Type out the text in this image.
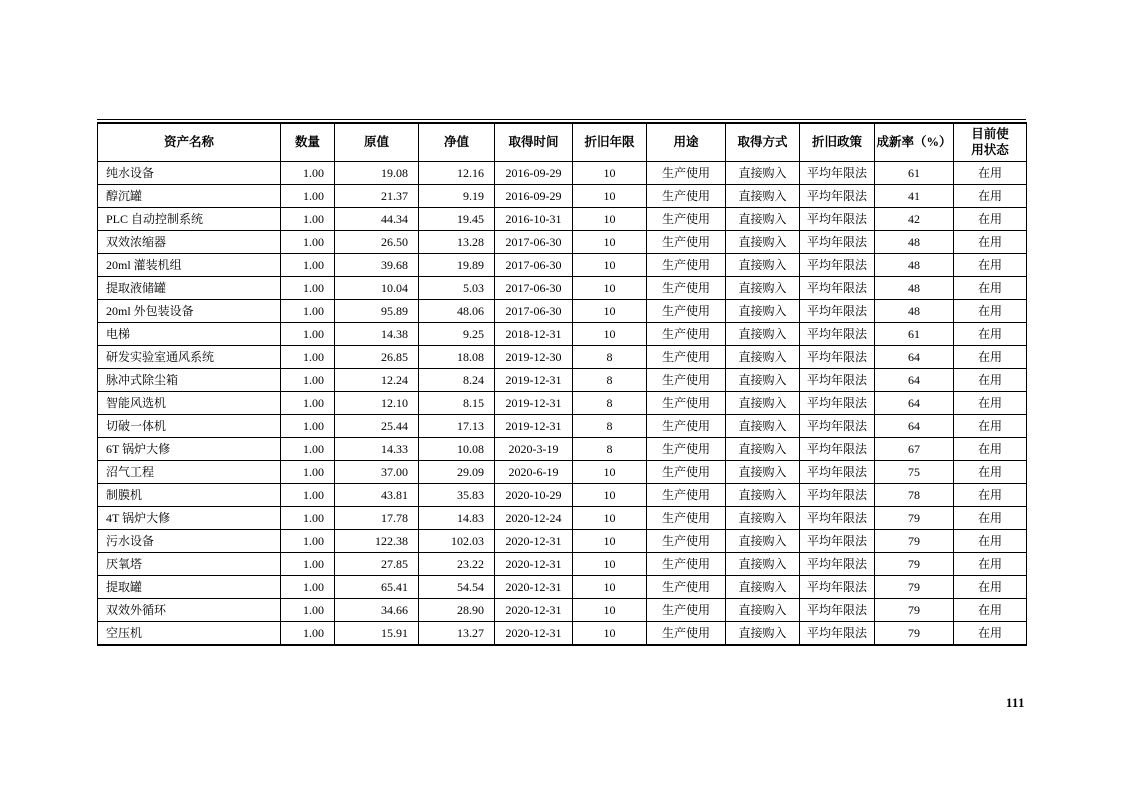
资产名称	数量	原值	净值	取得时间	折旧年限	用途	取得方式	折旧政策	成新率（%）	目前使用状态
纯水设备	1.00	19.08	12.16	2016-09-29	10	生产使用	直接购入	平均年限法	61	在用
醇沉罐	1.00	21.37	9.19	2016-09-29	10	生产使用	直接购入	平均年限法	41	在用
PLC 自动控制系统	1.00	44.34	19.45	2016-10-31	10	生产使用	直接购入	平均年限法	42	在用
双效浓缩器	1.00	26.50	13.28	2017-06-30	10	生产使用	直接购入	平均年限法	48	在用
20ml 灌装机组	1.00	39.68	19.89	2017-06-30	10	生产使用	直接购入	平均年限法	48	在用
提取液储罐	1.00	10.04	5.03	2017-06-30	10	生产使用	直接购入	平均年限法	48	在用
20ml 外包装设备	1.00	95.89	48.06	2017-06-30	10	生产使用	直接购入	平均年限法	48	在用
电梯	1.00	14.38	9.25	2018-12-31	10	生产使用	直接购入	平均年限法	61	在用
研发实验室通风系统	1.00	26.85	18.08	2019-12-30	8	生产使用	直接购入	平均年限法	64	在用
脉冲式除尘箱	1.00	12.24	8.24	2019-12-31	8	生产使用	直接购入	平均年限法	64	在用
智能风选机	1.00	12.10	8.15	2019-12-31	8	生产使用	直接购入	平均年限法	64	在用
切破一体机	1.00	25.44	17.13	2019-12-31	8	生产使用	直接购入	平均年限法	64	在用
6T 锅炉大修	1.00	14.33	10.08	2020-3-19	8	生产使用	直接购入	平均年限法	67	在用
沼气工程	1.00	37.00	29.09	2020-6-19	10	生产使用	直接购入	平均年限法	75	在用
制膜机	1.00	43.81	35.83	2020-10-29	10	生产使用	直接购入	平均年限法	78	在用
4T 锅炉大修	1.00	17.78	14.83	2020-12-24	10	生产使用	直接购入	平均年限法	79	在用
污水设备	1.00	122.38	102.03	2020-12-31	10	生产使用	直接购入	平均年限法	79	在用
厌氧塔	1.00	27.85	23.22	2020-12-31	10	生产使用	直接购入	平均年限法	79	在用
提取罐	1.00	65.41	54.54	2020-12-31	10	生产使用	直接购入	平均年限法	79	在用
双效外循环	1.00	34.66	28.90	2020-12-31	10	生产使用	直接购入	平均年限法	79	在用
空压机	1.00	15.91	13.27	2020-12-31	10	生产使用	直接购入	平均年限法	79	在用
111
